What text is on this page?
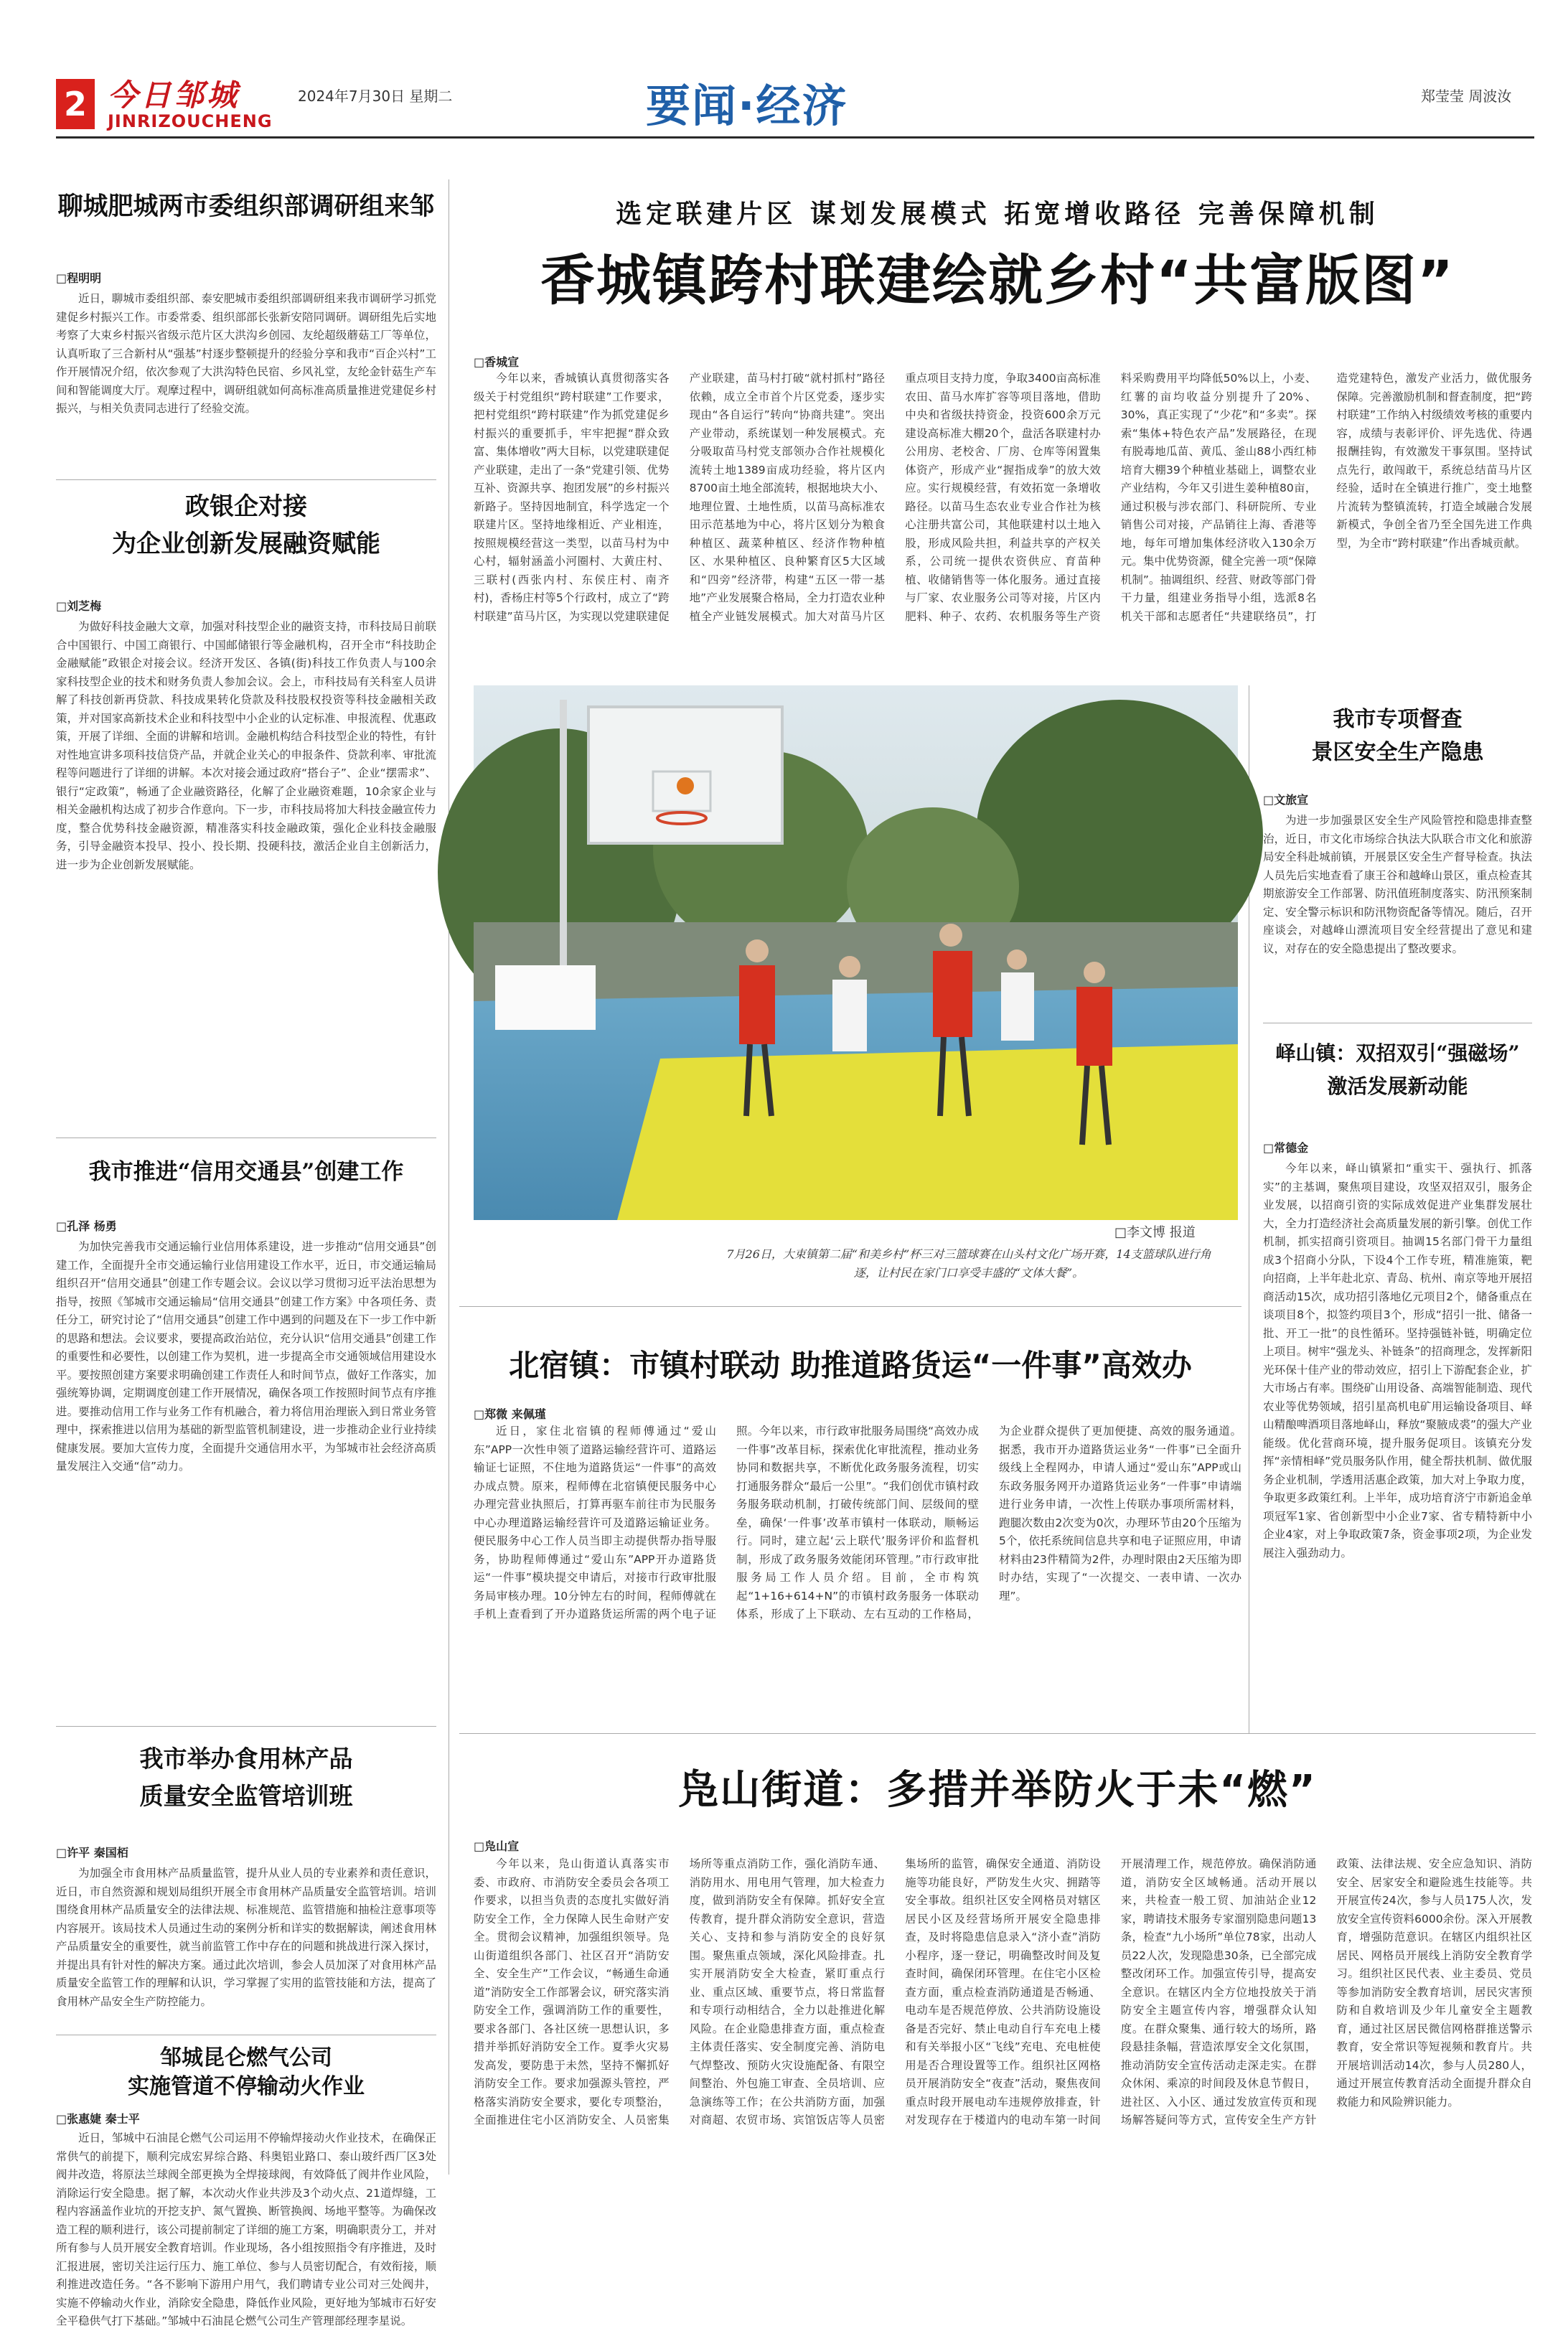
2 今日邹城
JINRIZOUCHENG
2024年7月30日 星期二	要闻·经济	郑莹莹 周波汝
聊城肥城两市委组织部调研组来邹
□程明明
近日，聊城市委组织部、泰安肥城市委组织部调研组来我市调研学习抓党建促乡村振兴工作。市委常委、组织部部长张新安陪同调研。调研组先后实地考察了大束乡村振兴省级示范片区大洪沟乡创园、友纶超级蘑菇工厂等单位，认真听取了三合新村从“强基”村逐步整顿提升的经验分享和我市“百企兴村”工作开展情况介绍，依次参观了大洪沟特色民宿、乡风礼堂，友纶金针菇生产车间和智能调度大厅。观摩过程中，调研组就如何高标准高质量推进党建促乡村振兴，与相关负责同志进行了经验交流。
政银企对接
为企业创新发展融资赋能
□刘芝梅
为做好科技金融大文章，加强对科技型企业的融资支持，市科技局日前联合中国银行、中国工商银行、中国邮储银行等金融机构，召开全市“科技助企 金融赋能”政银企对接会议。经济开发区、各镇(街)科技工作负责人与100余家科技型企业的技术和财务负责人参加会议。会上，市科技局有关科室人员讲解了科技创新再贷款、科技成果转化贷款及科技股权投资等科技金融相关政策，并对国家高新技术企业和科技型中小企业的认定标准、申报流程、优惠政策，开展了详细、全面的讲解和培训。金融机构结合科技型企业的特性，有针对性地宣讲多项科技信贷产品，并就企业关心的申报条件、贷款利率、审批流程等问题进行了详细的讲解。本次对接会通过政府“搭台子”、企业“摆需求”、银行“定政策”，畅通了企业融资路径，化解了企业融资难题，10余家企业与相关金融机构达成了初步合作意向。下一步，市科技局将加大科技金融宣传力度，整合优势科技金融资源，精准落实科技金融政策，强化企业科技金融服务，引导金融资本投早、投小、投长期、投硬科技，激活企业自主创新活力，进一步为企业创新发展赋能。
我市推进“信用交通县”创建工作
□孔泽 杨勇
为加快完善我市交通运输行业信用体系建设，进一步推动“信用交通县”创建工作，全面提升全市交通运输行业信用建设工作水平，近日，市交通运输局组织召开“信用交通县”创建工作专题会议。会议以学习贯彻习近平法治思想为指导，按照《邹城市交通运输局“信用交通县”创建工作方案》中各项任务、责任分工，研究讨论了“信用交通县”创建工作中遇到的问题及在下一步工作中新的思路和想法。会议要求，要提高政治站位，充分认识“信用交通县”创建工作的重要性和必要性，以创建工作为契机，进一步提高全市交通领域信用建设水平。要按照创建方案要求明确创建工作责任人和时间节点，做好工作落实，加强统筹协调，定期调度创建工作开展情况，确保各项工作按照时间节点有序推进。要推动信用工作与业务工作有机融合，着力将信用治理嵌入到日常业务管理中，探索推进以信用为基础的新型监管机制建设，进一步推动企业行业持续健康发展。要加大宣传力度，全面提升交通信用水平，为邹城市社会经济高质量发展注入交通“信”动力。
我市举办食用林产品
质量安全监管培训班
□许平 秦国栢
为加强全市食用林产品质量监管，提升从业人员的专业素养和责任意识，近日，市自然资源和规划局组织开展全市食用林产品质量安全监管培训。培训围绕食用林产品质量安全的法律法规、标准规范、监管措施和抽检注意事项等内容展开。该局技术人员通过生动的案例分析和详实的数据解读，阐述食用林产品质量安全的重要性，就当前监管工作中存在的问题和挑战进行深入探讨，并提出具有针对性的解决方案。通过此次培训，参会人员加深了对食用林产品质量安全监管工作的理解和认识，学习掌握了实用的监管技能和方法，提高了食用林产品安全生产防控能力。
邹城昆仑燃气公司
实施管道不停输动火作业
□张惠婕 秦士平
近日，邹城中石油昆仑燃气公司运用不停输焊接动火作业技术，在确保正常供气的前提下，顺利完成宏昇综合路、科奥铝业路口、泰山玻纤西厂区3处阀井改造，将原法兰球阀全部更换为全焊接球阀，有效降低了阀井作业风险，消除运行安全隐患。据了解，本次动火作业共涉及3个动火点、21道焊缝，工程内容涵盖作业坑的开挖支护、氮气置换、断管换阀、场地平整等。为确保改造工程的顺利进行，该公司提前制定了详细的施工方案，明确职责分工，并对所有参与人员开展安全教育培训。作业现场，各小组按照指令有序推进，及时汇报进展，密切关注运行压力、施工单位、参与人员密切配合，有效衔接，顺利推进改造任务。“各不影响下游用户用气，我们聘请专业公司对三处阀井，实施不停输动火作业，消除安全隐患，降低作业风险，更好地为邹城市石好安全平稳供气打下基础。”邹城中石油昆仑燃气公司生产管理部经理李星说。
选定联建片区 谋划发展模式 拓宽增收路径 完善保障机制
香城镇跨村联建绘就乡村“共富版图”
□香城宣
今年以来，香城镇认真贯彻落实各级关于村党组织“跨村联建”工作要求，把村党组织“跨村联建”作为抓党建促乡村振兴的重要抓手，牢牢把握“群众致富、集体增收”两大目标，以党建联建促产业联建，走出了一条“党建引领、优势互补、资源共享、抱团发展”的乡村振兴新路子。坚持因地制宜，科学选定一个联建片区。坚持地缘相近、产业相连，按照规模经营这一类型，以苗马村为中心村，辐射涵盖小河圈村、大黄庄村、三联村(西张内村、东侯庄村、南齐村)，香杨庄村等5个行政村，成立了“跨村联建”苗马片区，为实现以党建联建促产业联建，苗马村打破“就村抓村”路径依赖，成立全市首个片区党委，逐步实现由“各自运行”转向“协商共建”。突出产业带动，系统谋划一种发展模式。充分吸取苗马村党支部领办合作社规模化流转土地1389亩成功经验，将片区内8700亩土地全部流转，根据地块大小、地理位置、土地性质，以苗马高标准农田示范基地为中心，将片区划分为粮食种植区、蔬菜种植区、经济作物种植区、水果种植区、良种繁育区5大区域和“四旁”经济带，构建“五区一带一基地”产业发展聚合格局，全力打造农业种植全产业链发展模式。加大对苗马片区重点项目支持力度，争取3400亩高标准农田、苗马水库扩容等项目落地，借助中央和省级扶持资金，投资600余万元建设高标准大棚20个，盘活各联建村办公用房、老校舍、厂房、仓库等闲置集体资产，形成产业“握指成拳”的放大效应。实行规模经营，有效拓宽一条增收路径。以苗马生态农业专业合作社为核心注册共富公司，其他联建村以土地入股，形成风险共担，利益共享的产权关系，公司统一提供农资供应、育苗种植、收储销售等一体化服务。通过直接与厂家、农业服务公司等对接，片区内肥料、种子、农药、农机服务等生产资料采购费用平均降低50%以上，小麦、红薯的亩均收益分别提升了20%、30%，真正实现了“少花”和“多卖”。探索“集体+特色农产品”发展路径，在现有脱毒地瓜苗、黄瓜、釜山88小西红柿培育大棚39个种植业基础上，调整农业产业结构，今年又引进生姜种植80亩，通过积极与涉农部门、科研院所、专业销售公司对接，产品销往上海、香港等地，每年可增加集体经济收入130余万元。集中优势资源，健全完善一项“保障机制”。抽调组织、经营、财政等部门骨干力量，组建业务指导小组，选派8名机关干部和志愿者任“共建联络员”，打造党建特色，激发产业活力，做优服务保障。完善激励机制和督查制度，把“跨村联建”工作纳入村级绩效考核的重要内容，成绩与表彰评价、评先选优、待遇报酬挂钩，有效激发干事氛围。坚持试点先行，敢闯敢干，系统总结苗马片区经验，适时在全镇进行推广，变土地整片流转为整镇流转，打造全域融合发展新模式，争创全省乃至全国先进工作典型，为全市“跨村联建”作出香城贡献。
□李文博 报道
7月26日，大束镇第二届“和美乡村”杯三对三篮球赛在山头村文化广场开赛，14支篮球队进行角逐，让村民在家门口享受丰盛的“文体大餐”。
我市专项督查
景区安全生产隐患
□文旅宣
为进一步加强景区安全生产风险管控和隐患排查整治，近日，市文化市场综合执法大队联合市文化和旅游局安全科赴城前镇，开展景区安全生产督导检查。执法人员先后实地查看了康王谷和越峰山景区，重点检查其期旅游安全工作部署、防汛值班制度落实、防汛预案制定、安全警示标识和防汛物资配备等情况。随后，召开座谈会，对越峰山漂流项目安全经营提出了意见和建议，对存在的安全隐患提出了整改要求。
峄山镇：双招双引“强磁场”
激活发展新动能
□常德金
今年以来，峄山镇紧扣“重实干、强执行、抓落实”的主基调，聚焦项目建设，攻坚双招双引，服务企业发展，以招商引资的实际成效促进产业集群发展壮大，全力打造经济社会高质量发展的新引擎。创优工作机制，抓实招商引资项目。抽调15名部门骨干力量组成3个招商小分队，下设4个工作专班，精准施策，靶向招商，上半年赴北京、青岛、杭州、南京等地开展招商活动15次，成功招引落地亿元项目2个，储备重点在谈项目8个，拟签约项目3个，形成“招引一批、储备一批、开工一批”的良性循环。坚持强链补链，明确定位上项目。树牢“强龙头、补链条”的招商理念，发挥新阳光环保十佳产业的带动效应，招引上下游配套企业，扩大市场占有率。围绕矿山用设备、高端智能制造、现代农业等优势领域，招引星高机电矿用运输设备项目、峄山精酿啤酒项目落地峄山，释放“聚腋成裘”的强大产业能级。优化营商环境，提升服务促项目。该镇充分发挥“亲情相峄”党员服务队作用，健全帮扶机制、做优服务企业机制，学透用活惠企政策，加大对上争取力度，争取更多政策红利。上半年，成功培育济宁市新追金单项冠军1家、省创新型中小企业7家、省专精特新中小企业4家，对上争取政策7条，资金事项2项，为企业发展注入强劲动力。
北宿镇：市镇村联动 助推道路货运“一件事”高效办
□郑微 来佩瑾
近日，家住北宿镇的程师傅通过“爱山东”APP一次性申领了道路运输经营许可、道路运输证七证照，不住地为道路货运“一件事”的高效办成点赞。原来，程师傅在北宿镇便民服务中心办理完营业执照后，打算再驱车前往市为民服务中心办理道路运输经营许可及道路运输证业务。便民服务中心工作人员当即主动提供帮办指导服务，协助程师傅通过“爱山东”APP开办道路货运“一件事”模块提交申请后，对接市行政审批服务局审核办理。10分钟左右的时间，程师傅就在手机上查看到了开办道路货运所需的两个电子证照。今年以来，市行政审批服务局围绕“高效办成一件事”改革目标，探索优化审批流程，推动业务协同和数据共享，不断优化政务服务流程，切实打通服务群众“最后一公里”。“我们创优市镇村政务服务联动机制，打破传统部门间、层级间的壁垒，确保‘一件事’改革市镇村一体联动，顺畅运行。同时，建立起‘云上联代’服务评价和监督机制，形成了政务服务效能闭环管理。”市行政审批服务局工作人员介绍。目前，全市构筑起“1+16+614+N”的市镇村政务服务一体联动体系，形成了上下联动、左右互动的工作格局，为企业群众提供了更加便捷、高效的服务通道。据悉，我市开办道路货运业务“一件事”已全面升级线上全程网办，申请人通过“爱山东”APP或山东政务服务网开办道路货运业务“一件事”申请端进行业务申请，一次性上传联办事项所需材料，跑腿次数由2次变为0次，办理环节由20个压缩为5个，依托系统间信息共享和电子证照应用，申请材料由23件精简为2件，办理时限由2天压缩为即时办结，实现了“一次提交、一表申请、一次办理”。
凫山街道：多措并举防火于未“燃”
□凫山宣
今年以来，凫山街道认真落实市委、市政府、市消防安全委员会各项工作要求，以担当负责的态度扎实做好消防安全工作，全力保障人民生命财产安全。贯彻会议精神，加强组织领导。凫山街道组织各部门、社区召开“消防安全、安全生产”工作会议，“畅通生命通道”消防安全工作部署会议，研究落实消防安全工作，强调消防工作的重要性，要求各部门、各社区统一思想认识，多措并举抓好消防安全工作。夏季火灾易发高发，要防患于未然，坚持不懈抓好消防安全工作。要求加强源头管控，严格落实消防安全要求，要化专项整治，全面推进住宅小区消防安全、人员密集场所等重点消防工作，强化消防车通、消防用水、用电用气管理，加大检查力度，做到消防安全有保障。抓好安全宣传教育，提升群众消防安全意识，营造关心、支持和参与消防安全的良好氛围。聚焦重点领域，深化风险排查。扎实开展消防安全大检查，紧盯重点行业、重点区域、重要节点，将日常监督和专项行动相结合，全力以赴推进化解风险。在企业隐患排查方面，重点检查主体责任落实、安全制度完善、消防电气焊整改、预防火灾设施配备、有限空间整治、外包施工审查、全员培训、应急演练等工作；在公共消防方面，加强对商超、农贸市场、宾馆饭店等人员密集场所的监管，确保安全通道、消防设施等功能良好，严防发生火灾、拥踏等安全事故。组织社区安全网格员对辖区居民小区及经营场所开展安全隐患排查，及时将隐患信息录入“济小查”消防小程序，逐一登记，明确整改时间及复查时间，确保闭环管理。在住宅小区检查方面，重点检查消防通道是否畅通、电动车是否规范停放、公共消防设施设备是否完好、禁止电动自行车充电上楼和有关举报小区“飞线”充电、充电桩使用是否合理设置等工作。组织社区网格员开展消防安全“夜查”活动，聚焦夜间重点时段开展电动车违规停放排查，针对发现存在于楼道内的电动车第一时间开展清理工作，规范停放。确保消防通道，消防安全区域畅通。活动开展以来，共检查一般工贸、加油站企业12家，聘请技术服务专家溜别隐患问题13条，检查“九小场所”单位78家，出动人员22人次，发现隐患30条，已全部完成整改闭环工作。加强宣传引导，提高安全意识。在辖区内全方位地投放关于消防安全主题宣传内容，增强群众认知度。在群众聚集、通行较大的场所，路段悬挂条幅，营造浓厚安全文化氛围，推动消防安全宣传活动走深走实。在群众休闲、乘凉的时间段及休息节假日，进社区、入小区、通过发放宣传页和现场解答疑问等方式，宣传安全生产方针政策、法律法规、安全应急知识、消防安全、居家安全和避险逃生技能等。共开展宣传24次，参与人员175人次，发放安全宣传资料6000余份。深入开展教育，增强防范意识。在辖区内组织社区居民、网格员开展线上消防安全教育学习。组织社区民代表、业主委员、党员等参加消防安全教育培训，居民灾害预防和自救培训及少年儿童安全主题教育，通过社区居民微信网格群推送警示教育，安全常识等短视频和教育片。共开展培训活动14次，参与人员280人，通过开展宣传教育活动全面提升群众自救能力和风险辨识能力。
